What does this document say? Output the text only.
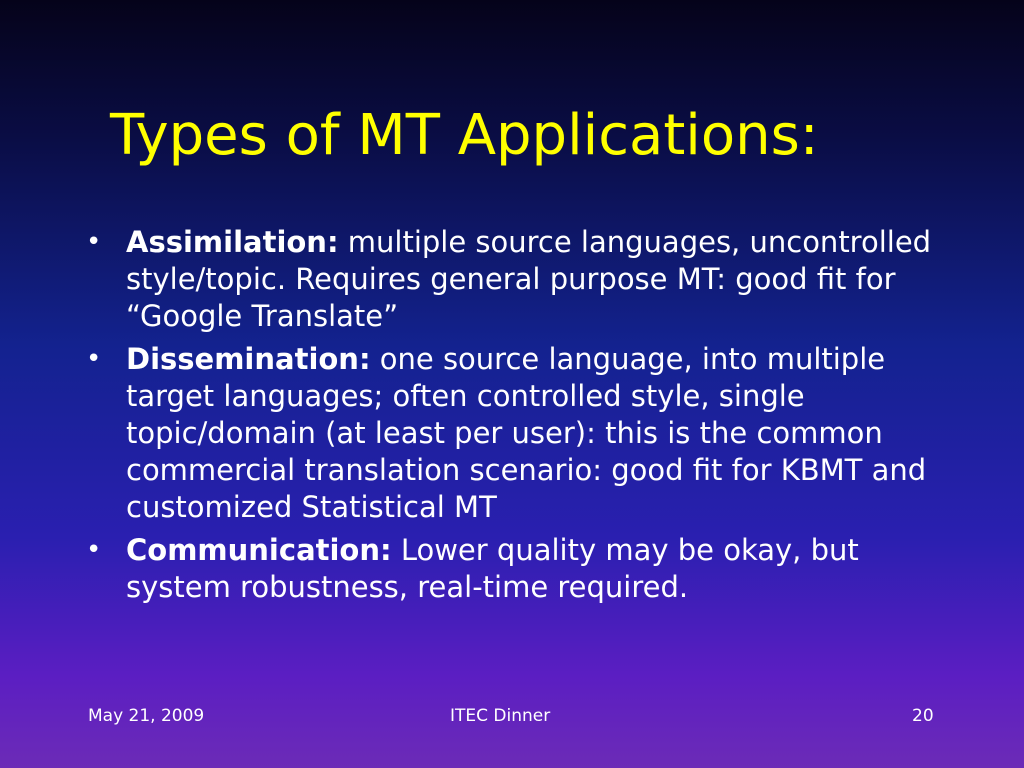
Types of MT Applications:
• Assimilation: multiple source languages, uncontrolled style/topic. Requires general purpose MT: good fit for “Google Translate”
• Dissemination: one source language, into multiple target languages; often controlled style, single topic/domain (at least per user): this is the common commercial translation scenario: good fit for KBMT and customized Statistical MT
• Communication: Lower quality may be okay, but system robustness, real-time required.
May 21, 2009	ITEC Dinner	20
